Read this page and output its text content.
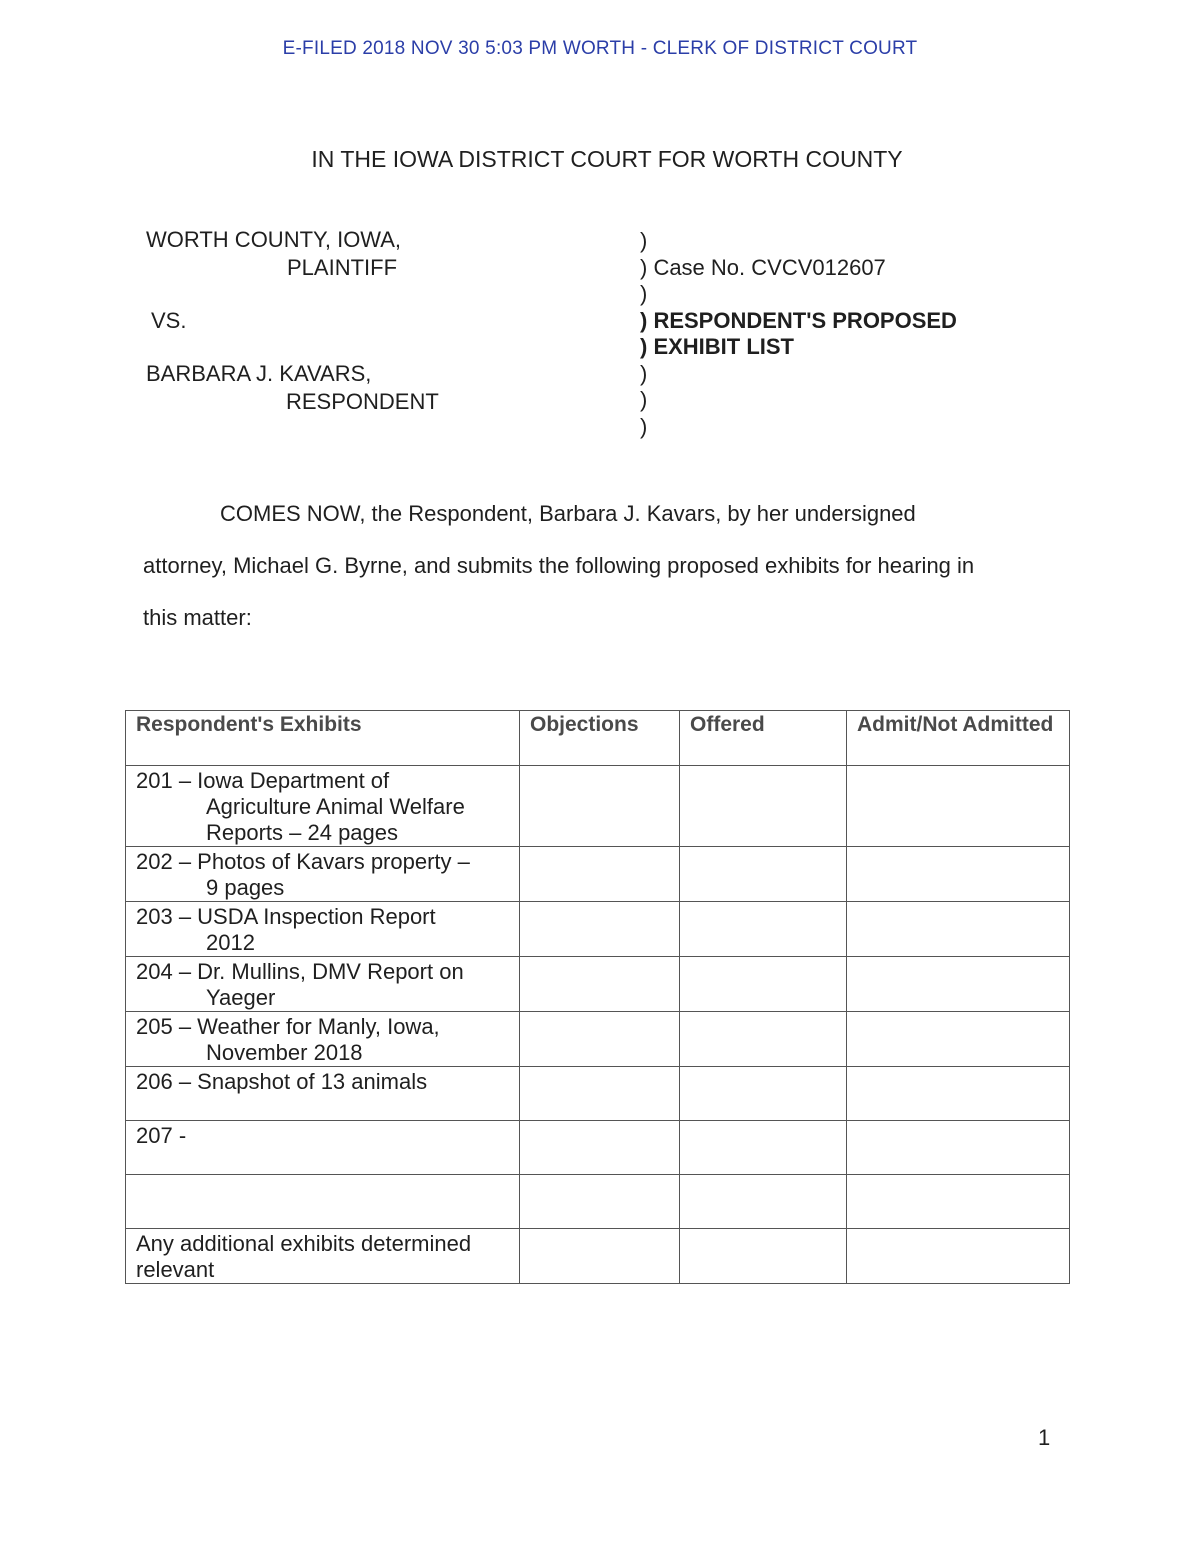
E-FILED 2018 NOV 30 5:03 PM WORTH - CLERK OF DISTRICT COURT
IN THE IOWA DISTRICT COURT FOR WORTH COUNTY
WORTH COUNTY, IOWA,
PLAINTIFF
VS.
BARBARA J. KAVARS,
RESPONDENT
)
) Case No. CVCV012607
)
) RESPONDENT'S PROPOSED
) EXHIBIT LIST
)
)
)
COMES NOW, the Respondent, Barbara J. Kavars, by her undersigned
attorney, Michael G. Byrne, and submits the following proposed exhibits for hearing in
this matter:
Respondent's Exhibits	Objections	Offered	Admit/Not Admitted
201 – Iowa Department of
Agriculture Animal Welfare Reports – 24 pages			

202 – Photos of Kavars property –
9 pages			

203 – USDA Inspection Report
2012			

204 – Dr. Mullins, DMV Report on
Yaeger			

205 – Weather for Manly, Iowa,
November 2018			

206 – Snapshot of 13 animals			
207 -			

Any additional exhibits determined relevant			
1
